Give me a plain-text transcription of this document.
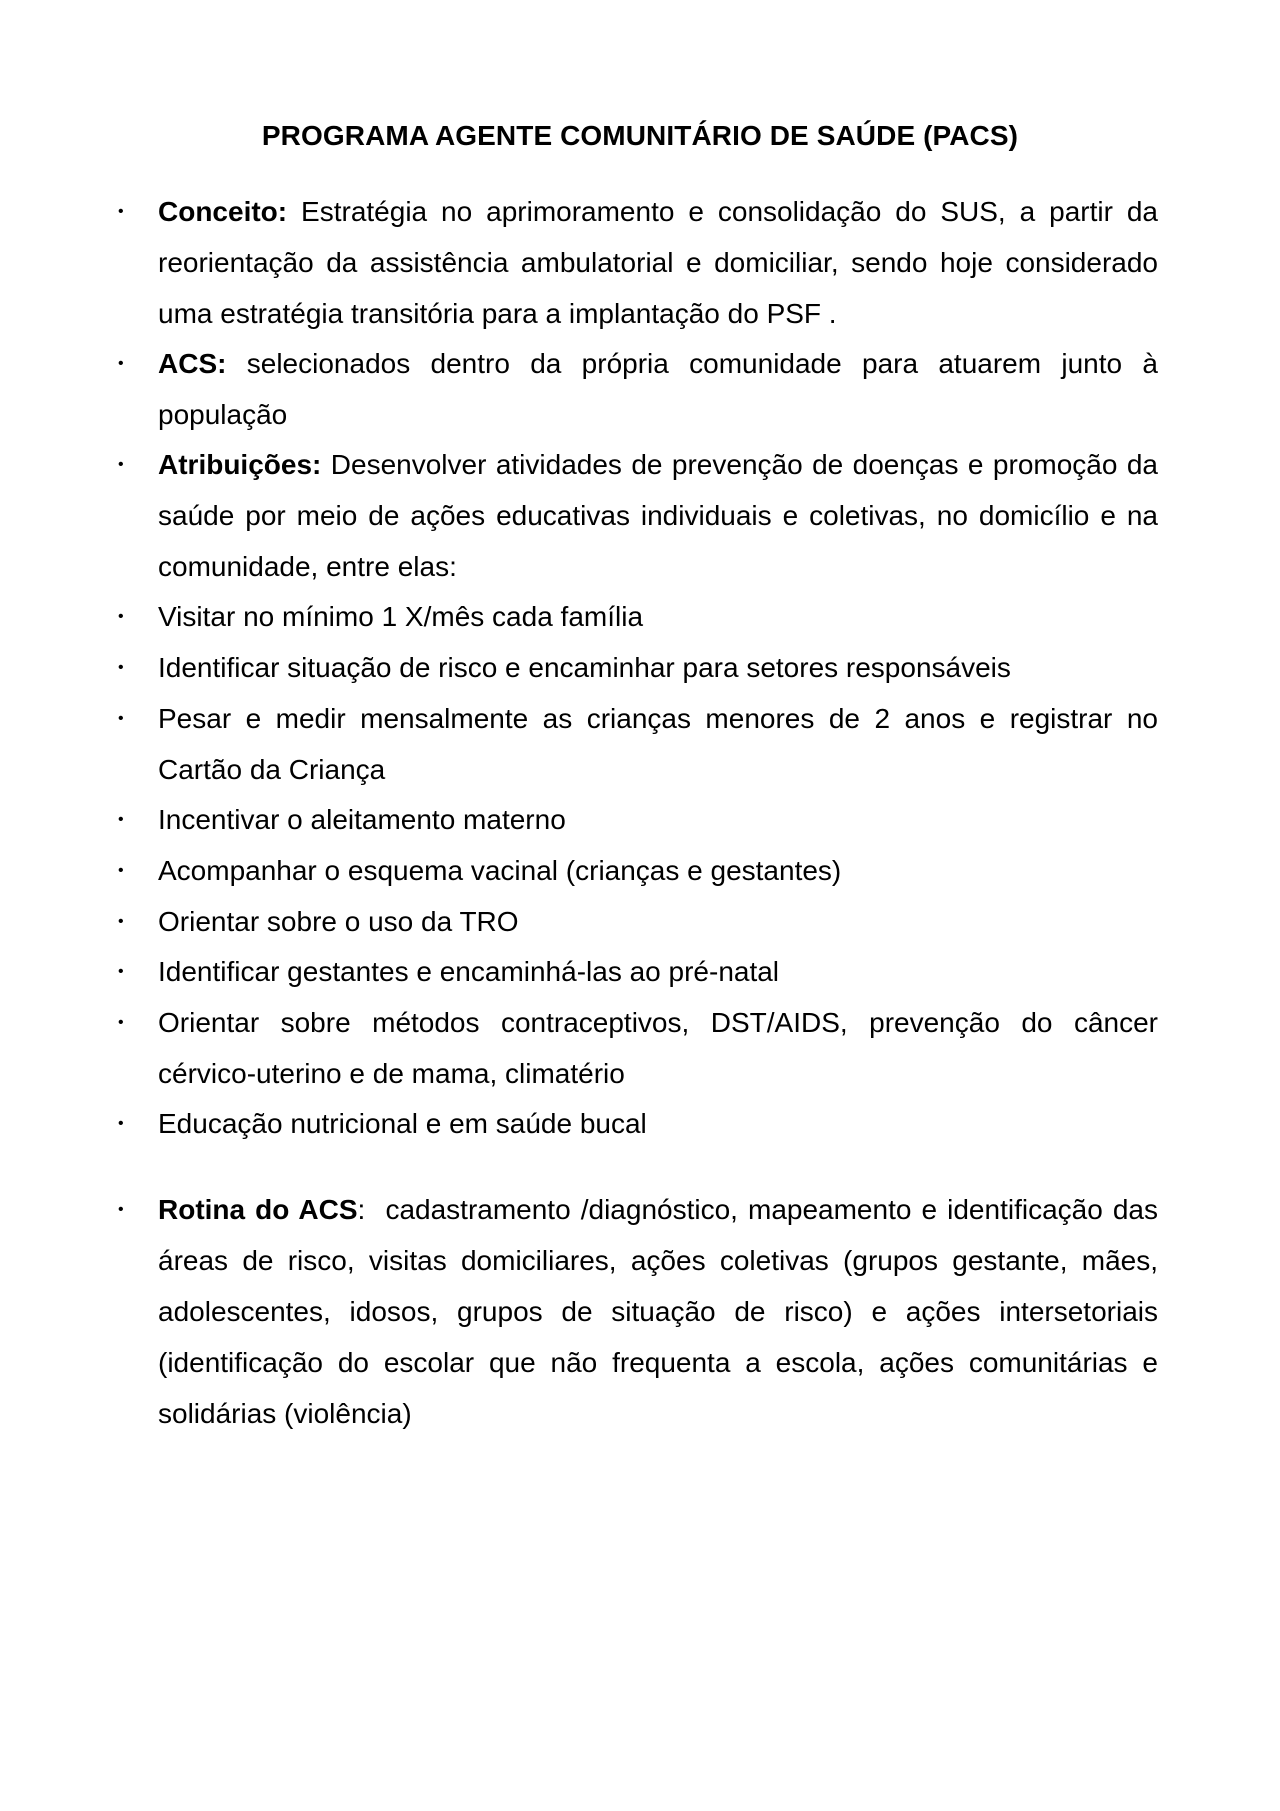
PROGRAMA AGENTE COMUNITÁRIO DE SAÚDE (PACS)
• Conceito: Estratégia no aprimoramento e consolidação do SUS, a partir da reorientação da assistência ambulatorial e domiciliar, sendo hoje considerado uma estratégia transitória para a implantação do PSF .
• ACS: selecionados dentro da própria comunidade para atuarem junto à população
• Atribuições: Desenvolver atividades de prevenção de doenças e promoção da saúde por meio de ações educativas individuais e coletivas, no domicílio e na comunidade, entre elas:
• Visitar no mínimo 1 X/mês cada família
• Identificar situação de risco e encaminhar para setores responsáveis
• Pesar e medir mensalmente as crianças menores de 2 anos e registrar no Cartão da Criança
• Incentivar o aleitamento materno
• Acompanhar o esquema vacinal (crianças e gestantes)
• Orientar sobre o uso da TRO
• Identificar gestantes e encaminhá-las ao pré-natal
• Orientar sobre métodos contraceptivos, DST/AIDS, prevenção do câncer cérvico-uterino e de mama, climatério
• Educação nutricional e em saúde bucal
• Rotina do ACS:  cadastramento /diagnóstico, mapeamento e identificação das áreas de risco, visitas domiciliares, ações coletivas (grupos gestante, mães, adolescentes, idosos, grupos de situação de risco) e ações intersetoriais (identificação do escolar que não frequenta a escola, ações comunitárias e solidárias (violência)
